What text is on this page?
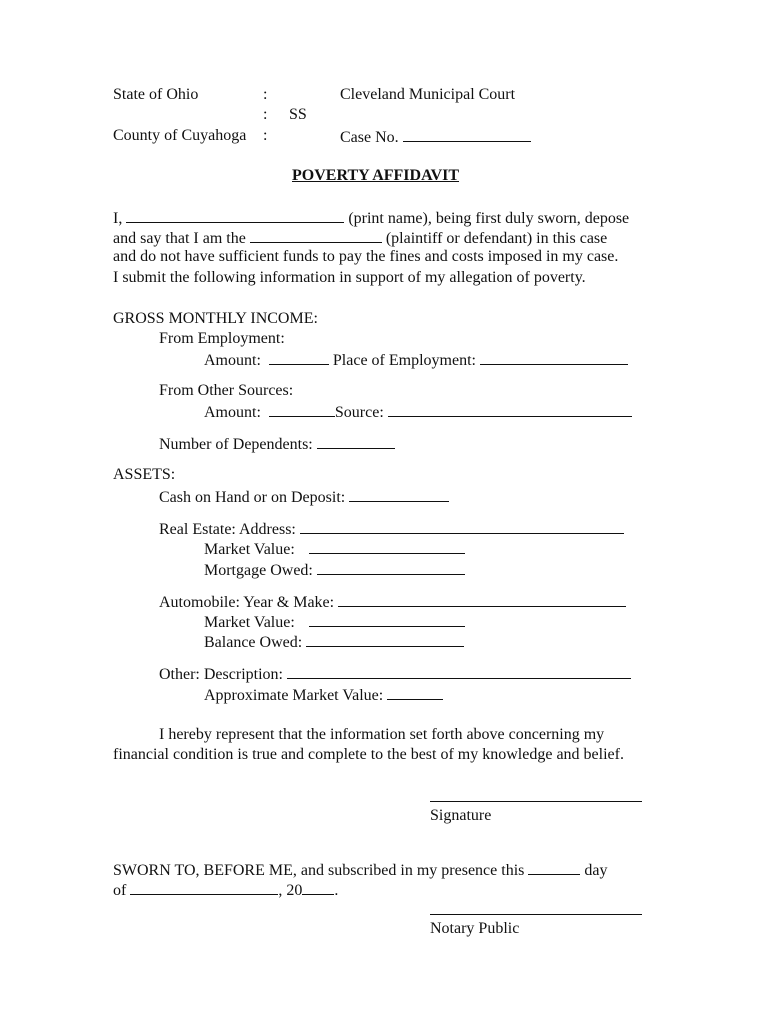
State of Ohio	:	Cleveland Municipal Court
: SS
County of Cuyahoga :	Case No.
POVERTY AFFIDAVIT
I,	(print name), being first duly sworn, depose
and say that I am the	(plaintiff or defendant) in this case
and do not have sufficient funds to pay the fines and costs imposed in my case.
I submit the following information in support of my allegation of poverty.
GROSS MONTHLY INCOME:
From Employment:
Amount:	Place of Employment:
From Other Sources:
Amount:	Source:
Number of Dependents:
ASSETS:
Cash on Hand or on Deposit:
Real Estate: Address:
Market Value:
Mortgage Owed:
Automobile: Year & Make:
Market Value:
Balance Owed:
Other: Description:
Approximate Market Value:
I hereby represent that the information set forth above concerning my
financial condition is true and complete to the best of my knowledge and belief.
Signature
SWORN TO, BEFORE ME, and subscribed in my presence this	day
of	, 20 .
Notary Public
